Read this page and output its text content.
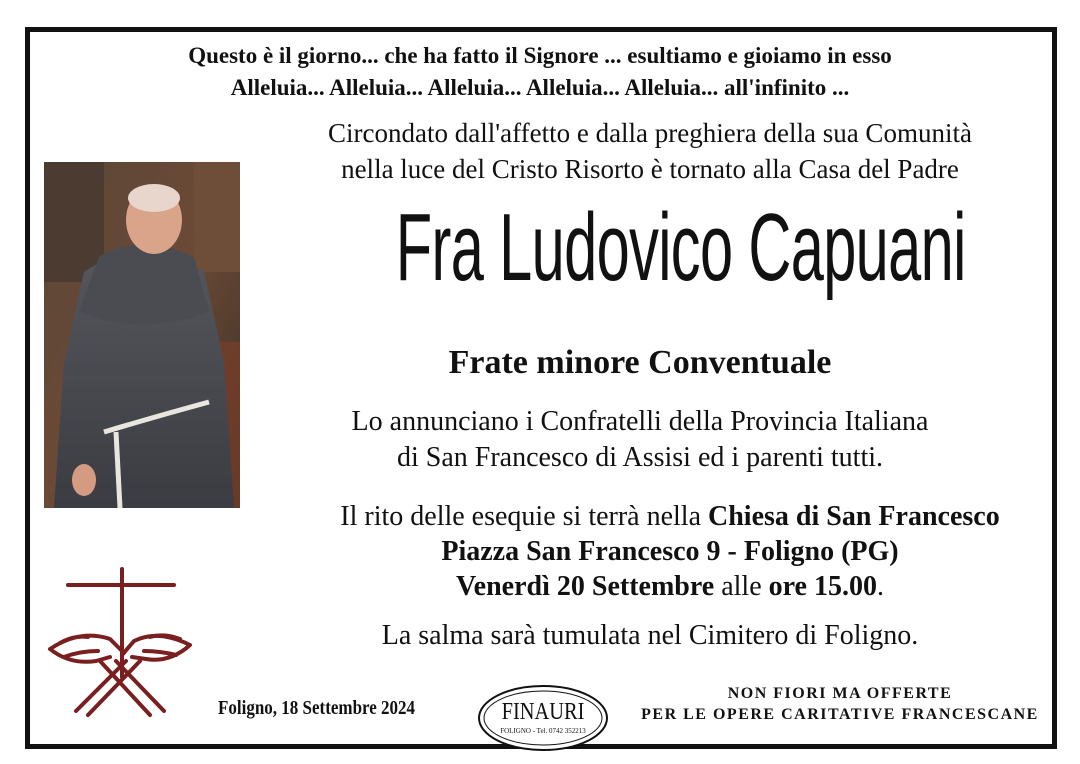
Questo è il giorno... che ha fatto il Signore ... esultiamo e gioiamo in esso
Alleluia... Alleluia... Alleluia... Alleluia... Alleluia... all'infinito ...
Circondato dall'affetto e dalla preghiera della sua Comunità
nella luce del Cristo Risorto è tornato alla Casa del Padre
Fra Ludovico Capuani
Frate minore Conventuale
Lo annunciano i Confratelli della Provincia Italiana
di San Francesco di Assisi ed i parenti tutti.
Il rito delle esequie si terrà nella Chiesa di San Francesco
Piazza San Francesco 9 - Foligno (PG)
Venerdì 20 Settembre alle ore 15.00.
La salma sarà tumulata nel Cimitero di Foligno.
Foligno, 18 Settembre 2024	FINAURI
FOLIGNO - Tel. 0742 352213
NON FIORI MA OFFERTE
PER LE OPERE CARITATIVE FRANCESCANE
